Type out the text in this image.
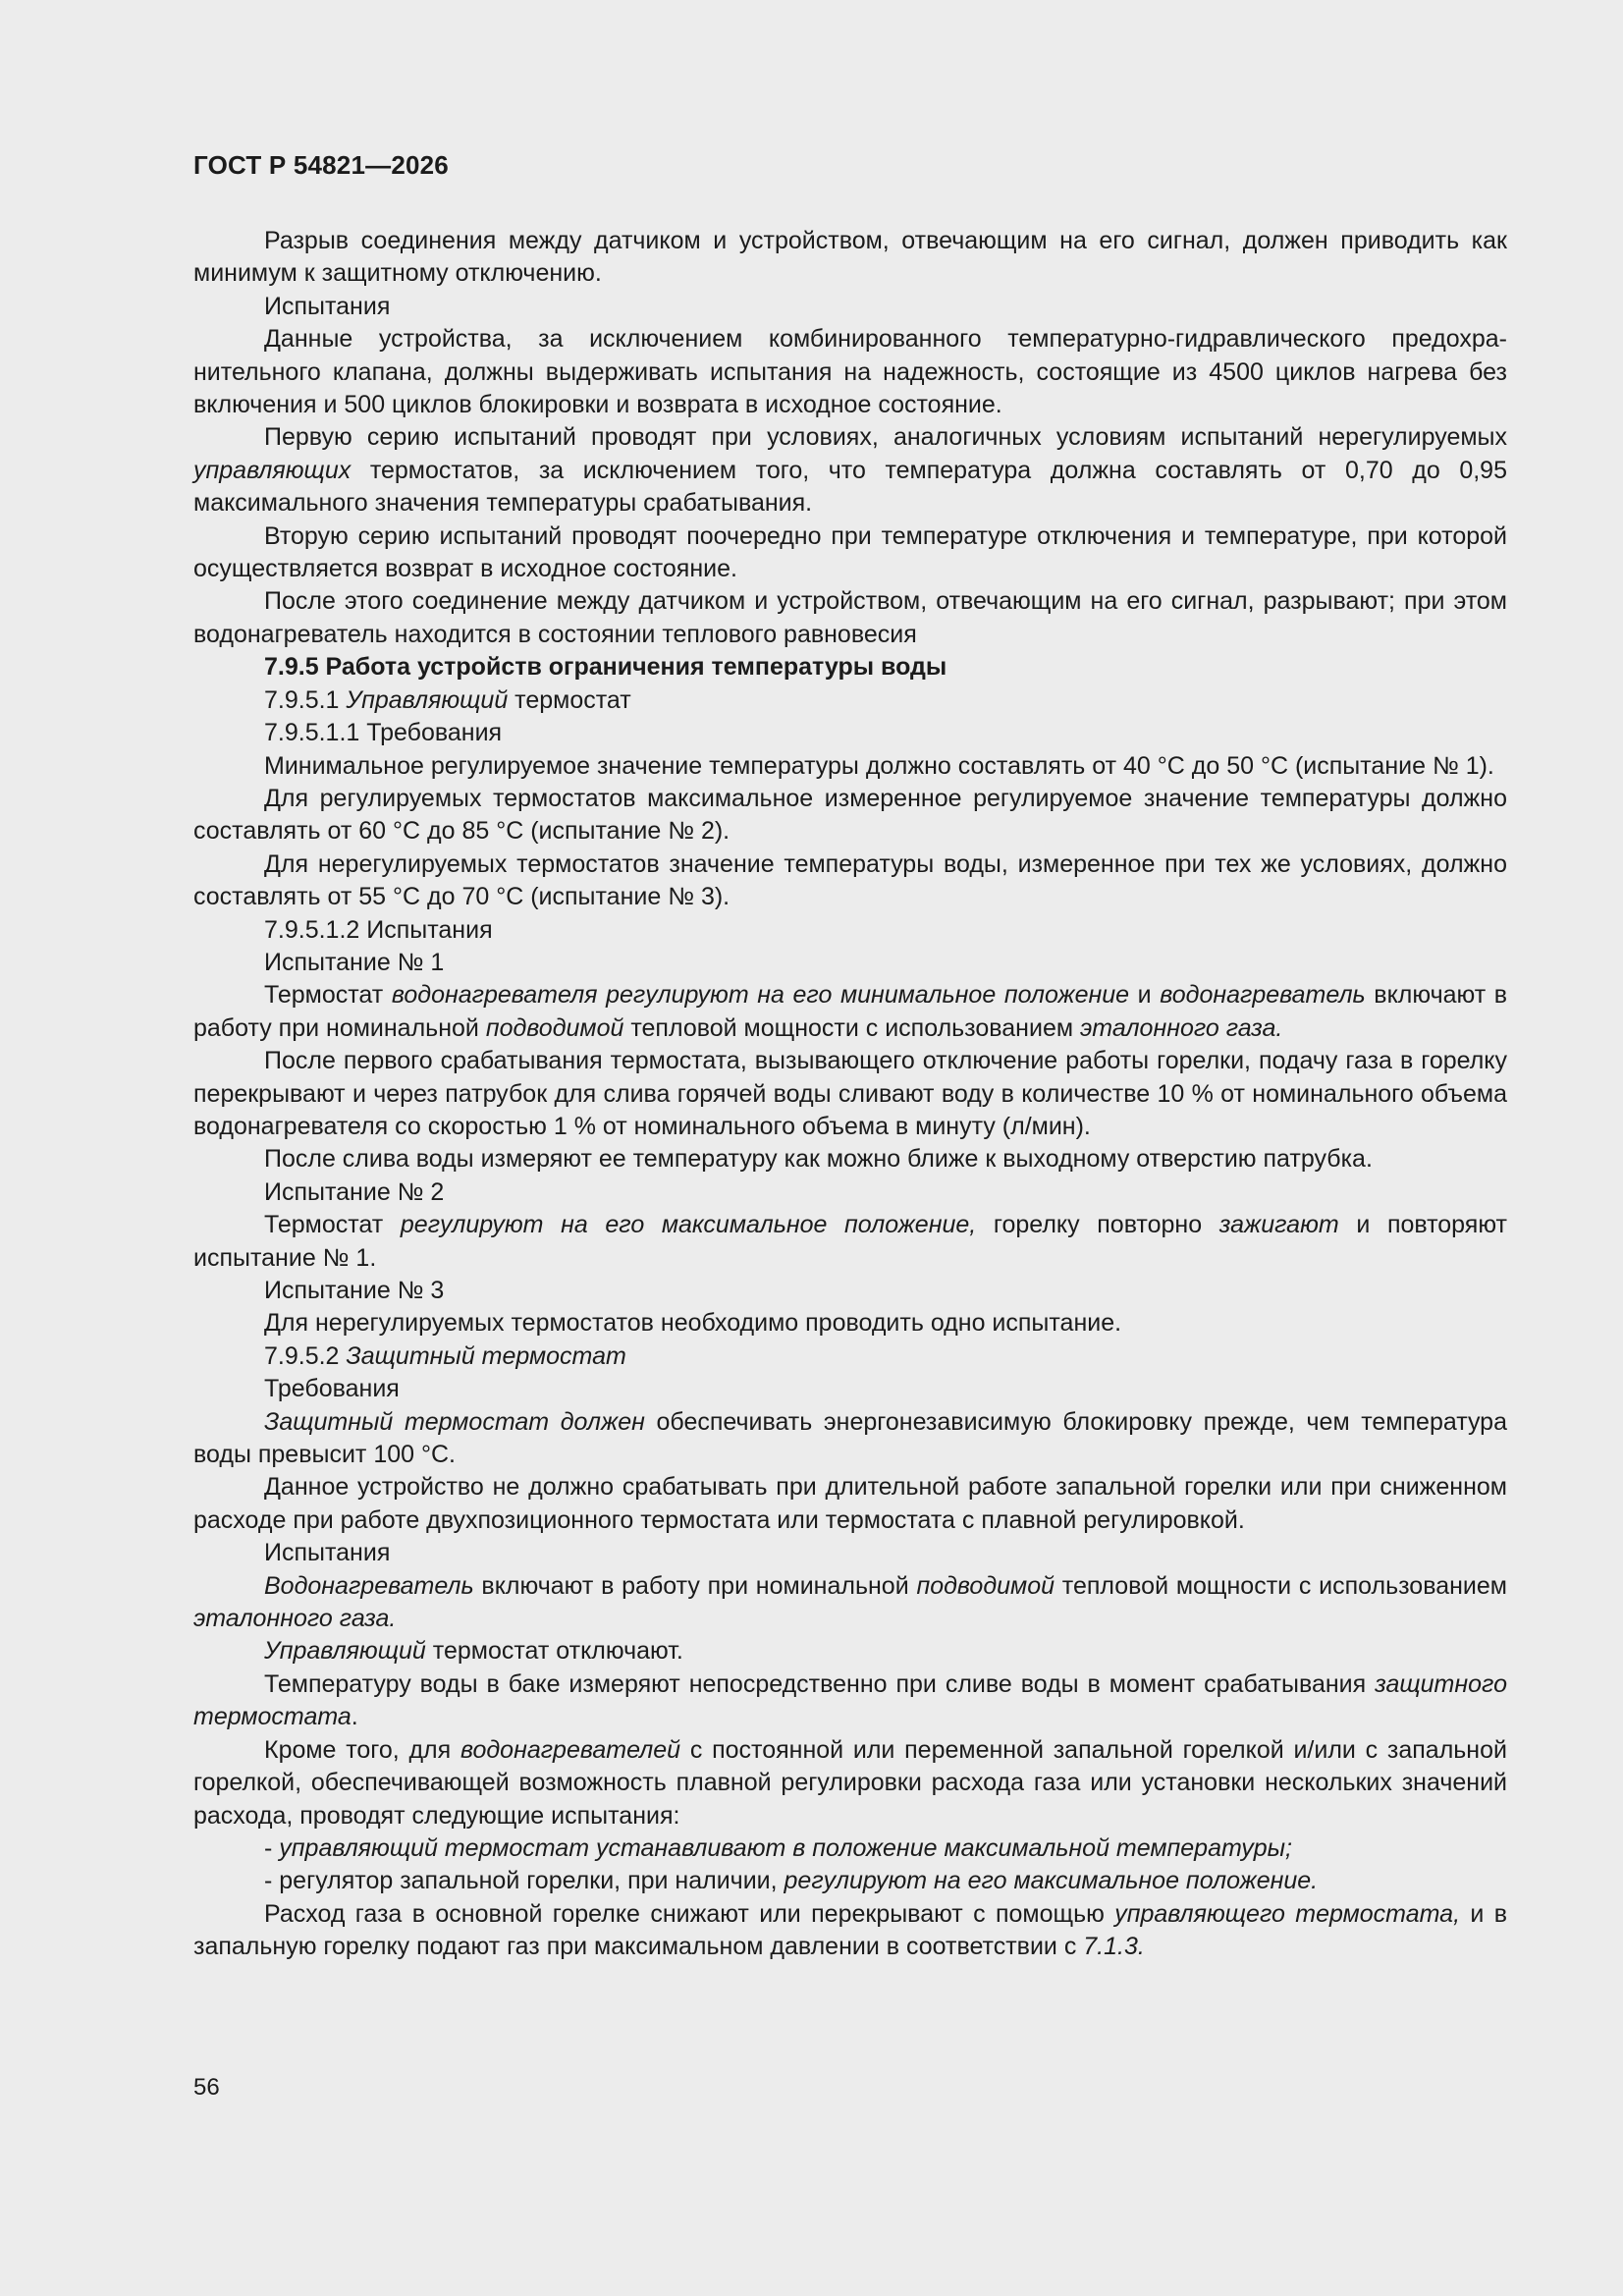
ГОСТ Р 54821—2026

Разрыв соединения между датчиком и устройством, отвечающим на его сигнал, должен приводить как минимум к защитному отключению.

Испытания

Данные устройства, за исключением комбинированного температурно-гидравлического предохранительного клапана, должны выдерживать испытания на надежность, состоящие из 4500 циклов нагрева без включения и 500 циклов блокировки и возврата в исходное состояние.

Первую серию испытаний проводят при условиях, аналогичных условиям испытаний нерегулируемых управляющих термостатов, за исключением того, что температура должна составлять от 0,70 до 0,95 максимального значения температуры срабатывания.

Вторую серию испытаний проводят поочередно при температуре отключения и температуре, при которой осуществляется возврат в исходное состояние.

После этого соединение между датчиком и устройством, отвечающим на его сигнал, разрывают; при этом водонагреватель находится в состоянии теплового равновесия

7.9.5 Работа устройств ограничения температуры воды

7.9.5.1 Управляющий термостат

7.9.5.1.1 Требования

Минимальное регулируемое значение температуры должно составлять от 40 °С до 50 °С (испытание № 1).

Для регулируемых термостатов максимальное измеренное регулируемое значение температуры должно составлять от 60 °С до 85 °С (испытание № 2).

Для нерегулируемых термостатов значение температуры воды, измеренное при тех же условиях, должно составлять от 55 °С до 70 °С (испытание № 3).

7.9.5.1.2 Испытания

Испытание № 1

Термостат водонагревателя регулируют на его минимальное положение и водонагреватель включают в работу при номинальной подводимой тепловой мощности с использованием эталонного газа.

После первого срабатывания термостата, вызывающего отключение работы горелки, подачу газа в горелку перекрывают и через патрубок для слива горячей воды сливают воду в количестве 10 % от номинального объема водонагревателя со скоростью 1 % от номинального объема в минуту (л/мин).

После слива воды измеряют ее температуру как можно ближе к выходному отверстию патрубка.

Испытание № 2

Термостат регулируют на его максимальное положение, горелку повторно зажигают и повторяют испытание № 1.

Испытание № 3

Для нерегулируемых термостатов необходимо проводить одно испытание.

7.9.5.2 Защитный термостат

Требования

Защитный термостат должен обеспечивать энергонезависимую блокировку прежде, чем температура воды превысит 100 °С.

Данное устройство не должно срабатывать при длительной работе запальной горелки или при сниженном расходе при работе двухпозиционного термостата или термостата с плавной регулировкой.

Испытания

Водонагреватель включают в работу при номинальной подводимой тепловой мощности с использованием эталонного газа.

Управляющий термостат отключают.

Температуру воды в баке измеряют непосредственно при сливе воды в момент срабатывания защитного термостата.

Кроме того, для водонагревателей с постоянной или переменной запальной горелкой и/или с запальной горелкой, обеспечивающей возможность плавной регулировки расхода газа или установки нескольких значений расхода, проводят следующие испытания:

- управляющий термостат устанавливают в положение максимальной температуры;

- регулятор запальной горелки, при наличии, регулируют на его максимальное положение.

Расход газа в основной горелке снижают или перекрывают с помощью управляющего термостата, и в запальную горелку подают газ при максимальном давлении в соответствии с 7.1.3.

56
